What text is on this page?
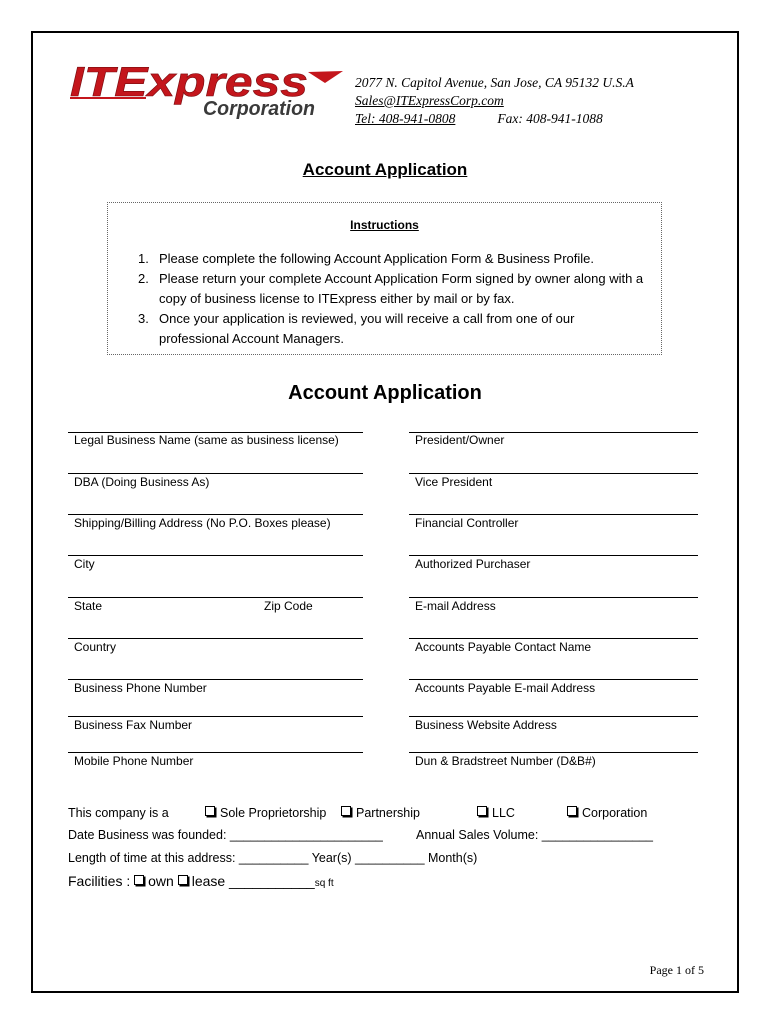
ITExpress
Corporation
2077 N. Capitol Avenue, San Jose, CA 95132 U.S.A
Sales@ITExpressCorp.com
Tel: 408-941-0808	Fax: 408-941-1088
Account Application
Instructions
1. Please complete the following Account Application Form & Business Profile.
2. Please return your complete Account Application Form signed by owner along with a copy of business license to ITExpress either by mail or by fax.
3. Once your application is reviewed, you will receive a call from one of our professional Account Managers.
Account Application
Legal Business Name (same as business license)
DBA (Doing Business As)
Shipping/Billing Address (No P.O. Boxes please)
City
State	Zip Code
Country
Business Phone Number
Business Fax Number
Mobile Phone Number
President/Owner
Vice President
Financial Controller
Authorized Purchaser
E-mail Address
Accounts Payable Contact Name
Accounts Payable E-mail Address
Business Website Address
Dun & Bradstreet Number (D&B#)
This company is a	Sole Proprietorship	Partnership	LLC	Corporation
Date Business was founded: ______________________	Annual Sales Volume: ________________
Length of time at this address: __________ Year(s) __________ Month(s)
Facilities : own lease ___________sq ft
Page 1 of 5
